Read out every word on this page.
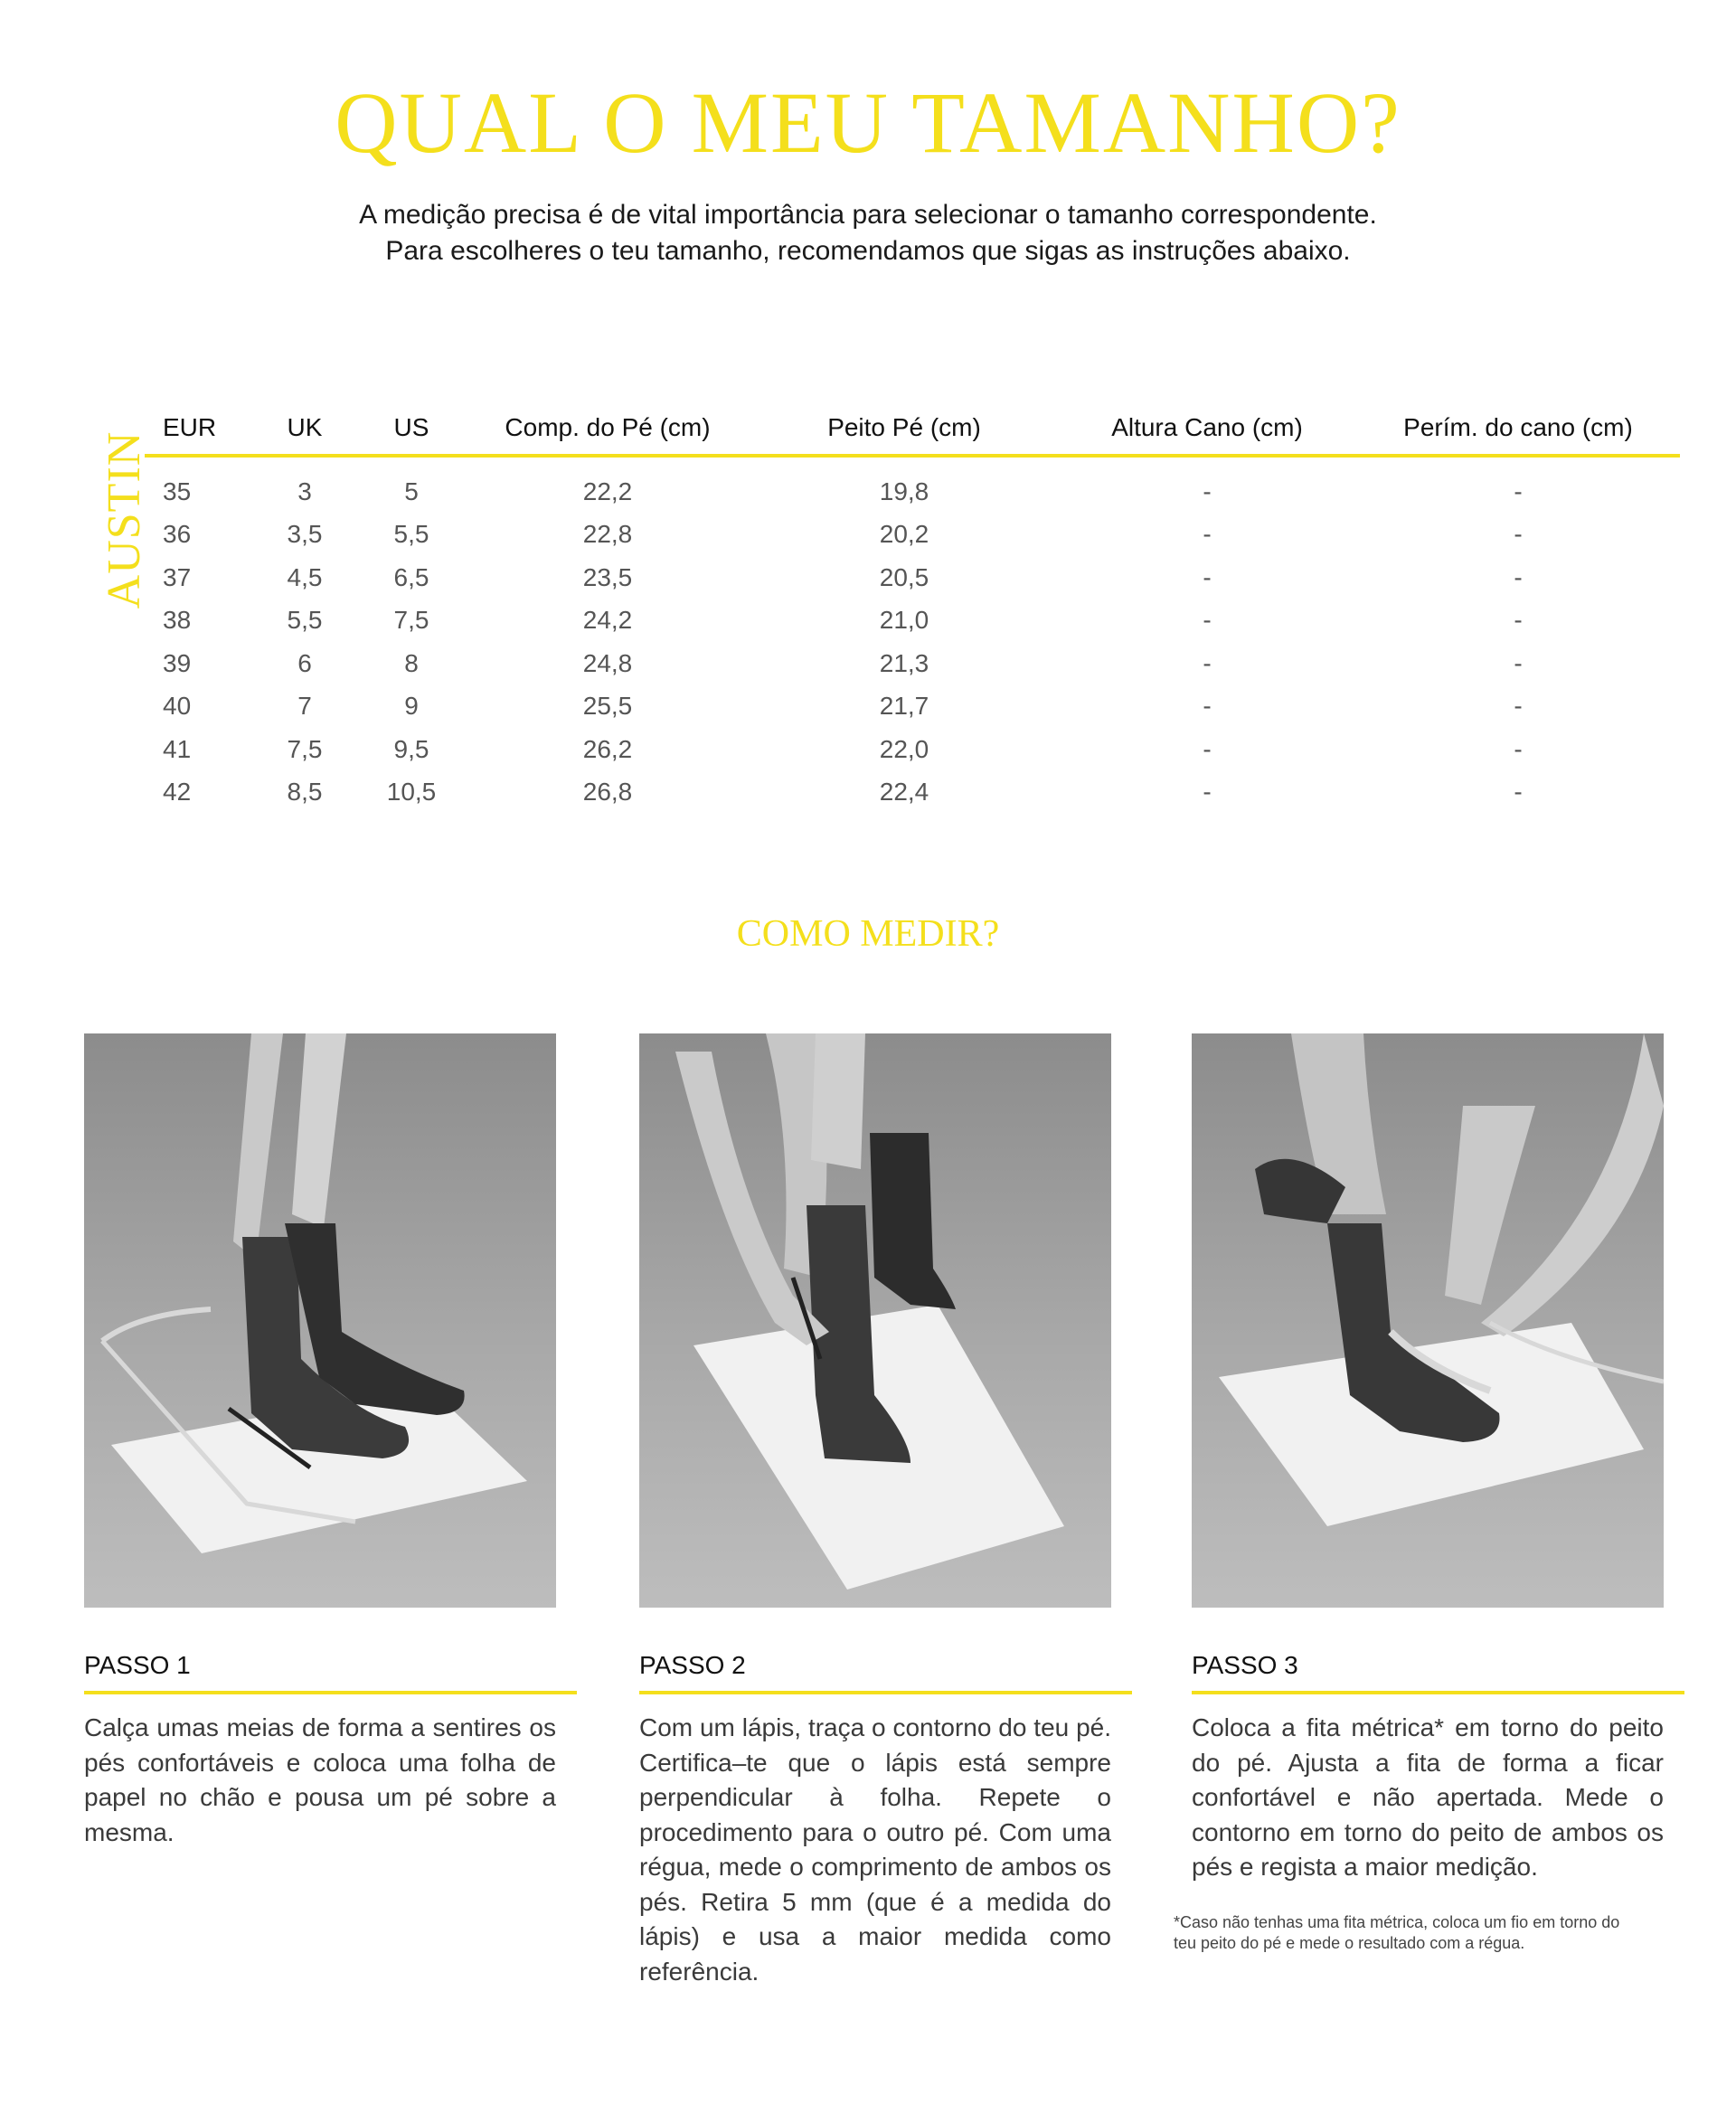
QUAL O MEU TAMANHO?

A medição precisa é de vital importância para selecionar o tamanho correspondente.
Para escolheres o teu tamanho, recomendamos que sigas as instruções abaixo.

AUSTIN
EUR	UK	US	Comp. do Pé (cm)	Peito Pé (cm)	Altura Cano (cm)	Perím. do cano (cm)
35	3	5	22,2	19,8	-	-
36	3,5	5,5	22,8	20,2	-	-
37	4,5	6,5	23,5	20,5	-	-
38	5,5	7,5	24,2	21,0	-	-
39	6	8	24,8	21,3	-	-
40	7	9	25,5	21,7	-	-
41	7,5	9,5	26,2	22,0	-	-
42	8,5	10,5	26,8	22,4	-	-
COMO MEDIR?
PASSO 1
Calça umas meias de forma a sentires os pés confortáveis e coloca uma folha de papel no chão e pousa um pé sobre a mesma.
PASSO 2
Com um lápis, traça o contorno do teu pé. Certifica–te que o lápis está sempre perpendicular à folha. Repete o procedimento para o outro pé. Com uma régua, mede o comprimento de ambos os pés. Retira 5 mm (que é a medida do lápis) e usa a maior medida como referência.
PASSO 3
Coloca a fita métrica* em torno do peito do pé. Ajusta a fita de forma a ficar confortável e não apertada. Mede o contorno em torno do peito de ambos os pés e regista a maior medição.
*Caso não tenhas uma fita métrica, coloca um fio em torno do teu peito do pé e mede o resultado com a régua.
